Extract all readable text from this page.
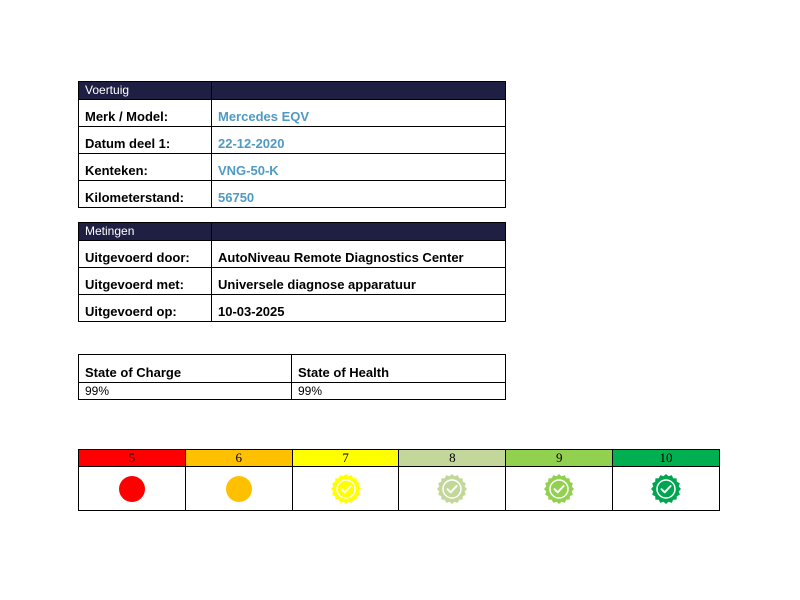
Voertuig
Merk / Model:	Mercedes EQV
Datum deel 1:	22-12-2020
Kenteken:	VNG-50-K
Kilometerstand:	56750
Metingen
Uitgevoerd door:	AutoNiveau Remote Diagnostics Center
Uitgevoerd met:	Universele diagnose apparatuur
Uitgevoerd op:	10-03-2025
State of Charge	State of Health
99%	99%
5	6	7	8	9	10
